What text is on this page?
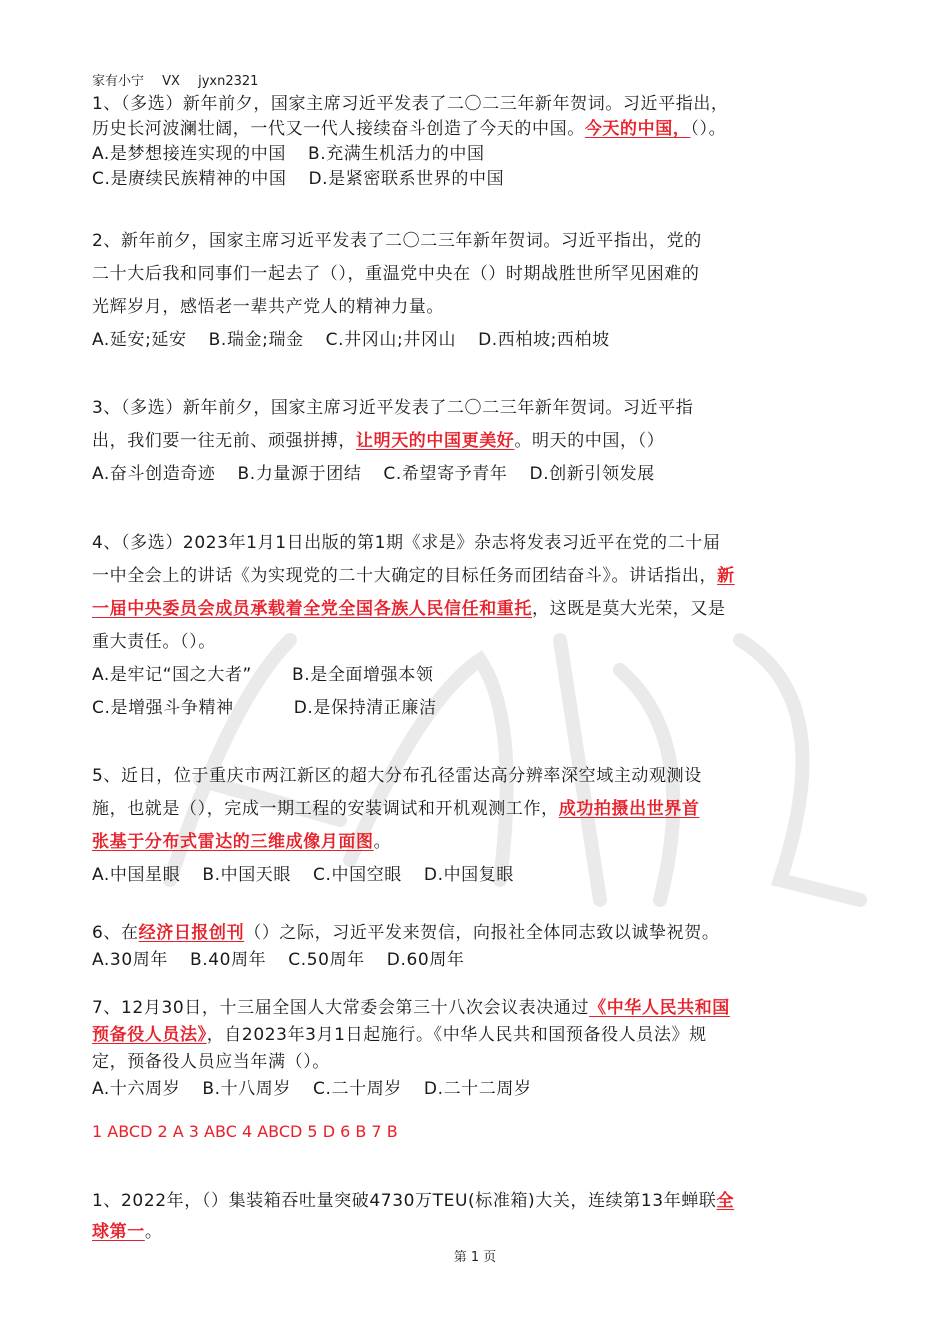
家有小宁 VX jyxn2321
1、（多选）新年前夕，国家主席习近平发表了二〇二三年新年贺词。习近平指出，
历史长河波澜壮阔，一代又一代人接续奋斗创造了今天的中国。今天的中国，（）。
A.是梦想接连实现的中国 B.充满生机活力的中国
C.是赓续民族精神的中国 D.是紧密联系世界的中国
2、新年前夕，国家主席习近平发表了二〇二三年新年贺词。习近平指出，党的
二十大后我和同事们一起去了（），重温党中央在（）时期战胜世所罕见困难的
光辉岁月，感悟老一辈共产党人的精神力量。
A.延安;延安 B.瑞金;瑞金 C.井冈山;井冈山 D.西柏坡;西柏坡
3、（多选）新年前夕，国家主席习近平发表了二〇二三年新年贺词。习近平指
出，我们要一往无前、顽强拼搏，让明天的中国更美好。明天的中国，（）
A.奋斗创造奇迹 B.力量源于团结 C.希望寄予青年 D.创新引领发展
4、（多选）2023年1月1日出版的第1期《求是》杂志将发表习近平在党的二十届
一中全会上的讲话《为实现党的二十大确定的目标任务而团结奋斗》。讲话指出，新
一届中央委员会成员承载着全党全国各族人民信任和重托，这既是莫大光荣，又是
重大责任。（）。
A.是牢记“国之大者” B.是全面增强本领
C.是增强斗争精神	D.是保持清正廉洁
5、近日，位于重庆市两江新区的超大分布孔径雷达高分辨率深空域主动观测设
施，也就是（），完成一期工程的安装调试和开机观测工作，成功拍摄出世界首
张基于分布式雷达的三维成像月面图。
A.中国星眼 B.中国天眼 C.中国空眼 D.中国复眼
6、在经济日报创刊（）之际，习近平发来贺信，向报社全体同志致以诚挚祝贺。
A.30周年 B.40周年 C.50周年 D.60周年
7、12月30日，十三届全国人大常委会第三十八次会议表决通过《中华人民共和国
预备役人员法》，自2023年3月1日起施行。《中华人民共和国预备役人员法》规
定，预备役人员应当年满（）。
A.十六周岁 B.十八周岁 C.二十周岁 D.二十二周岁
1 ABCD 2 A 3 ABC 4 ABCD 5 D 6 B 7 B
1、2022年，（）集装箱吞吐量突破4730万TEU(标准箱)大关，连续第13年蝉联全
球第一。
第 1 页
